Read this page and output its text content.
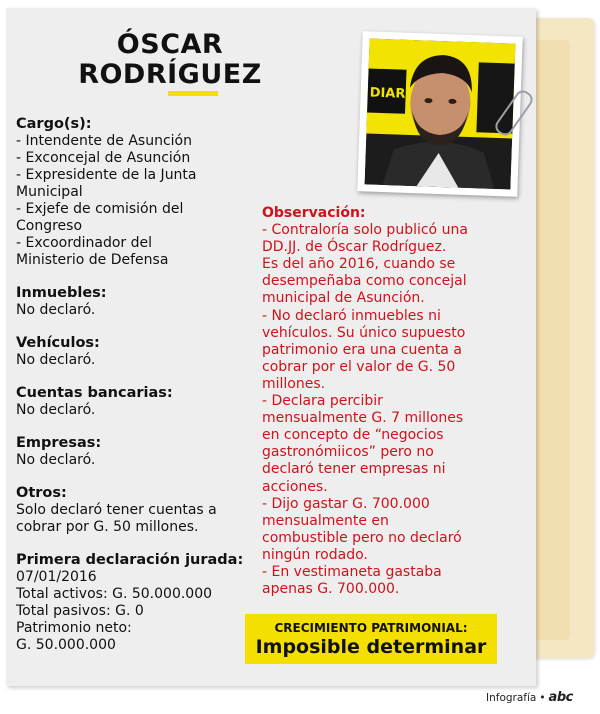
ÓSCAR
RODRÍGUEZ
DIARI
Cargo(s):
- Intendente de Asunción
- Exconcejal de Asunción
- Expresidente de la Junta
Municipal
- Exjefe de comisión del
Congreso
- Excoordinador del
Ministerio de Defensa
Inmuebles:
No declaró.
Vehículos:
No declaró.
Cuentas bancarias:
No declaró.
Empresas:
No declaró.
Otros:
Solo declaró tener cuentas a
cobrar por G. 50 millones.
Primera declaración jurada:
07/01/2016
Total activos: G. 50.000.000
Total pasivos: G. 0
Patrimonio neto:
G. 50.000.000
Observación:
- Contraloría solo publicó una
DD.JJ. de Óscar Rodríguez.
Es del año 2016, cuando se
desempeñaba como concejal
municipal de Asunción.
- No declaró inmuebles ni
vehículos. Su único supuesto
patrimonio era una cuenta a
cobrar por el valor de G. 50
millones.
- Declara percibir
mensualmente G. 7 millones
en concepto de “negocios
gastronómiicos” pero no
declaró tener empresas ni
acciones.
- Dijo gastar G. 700.000
mensualmente en
combustible pero no declaró
ningún rodado.
- En vestimaneta gastaba
apenas G. 700.000.
CRECIMIENTO PATRIMONIAL:
Imposible determinar
Infografía • abc
